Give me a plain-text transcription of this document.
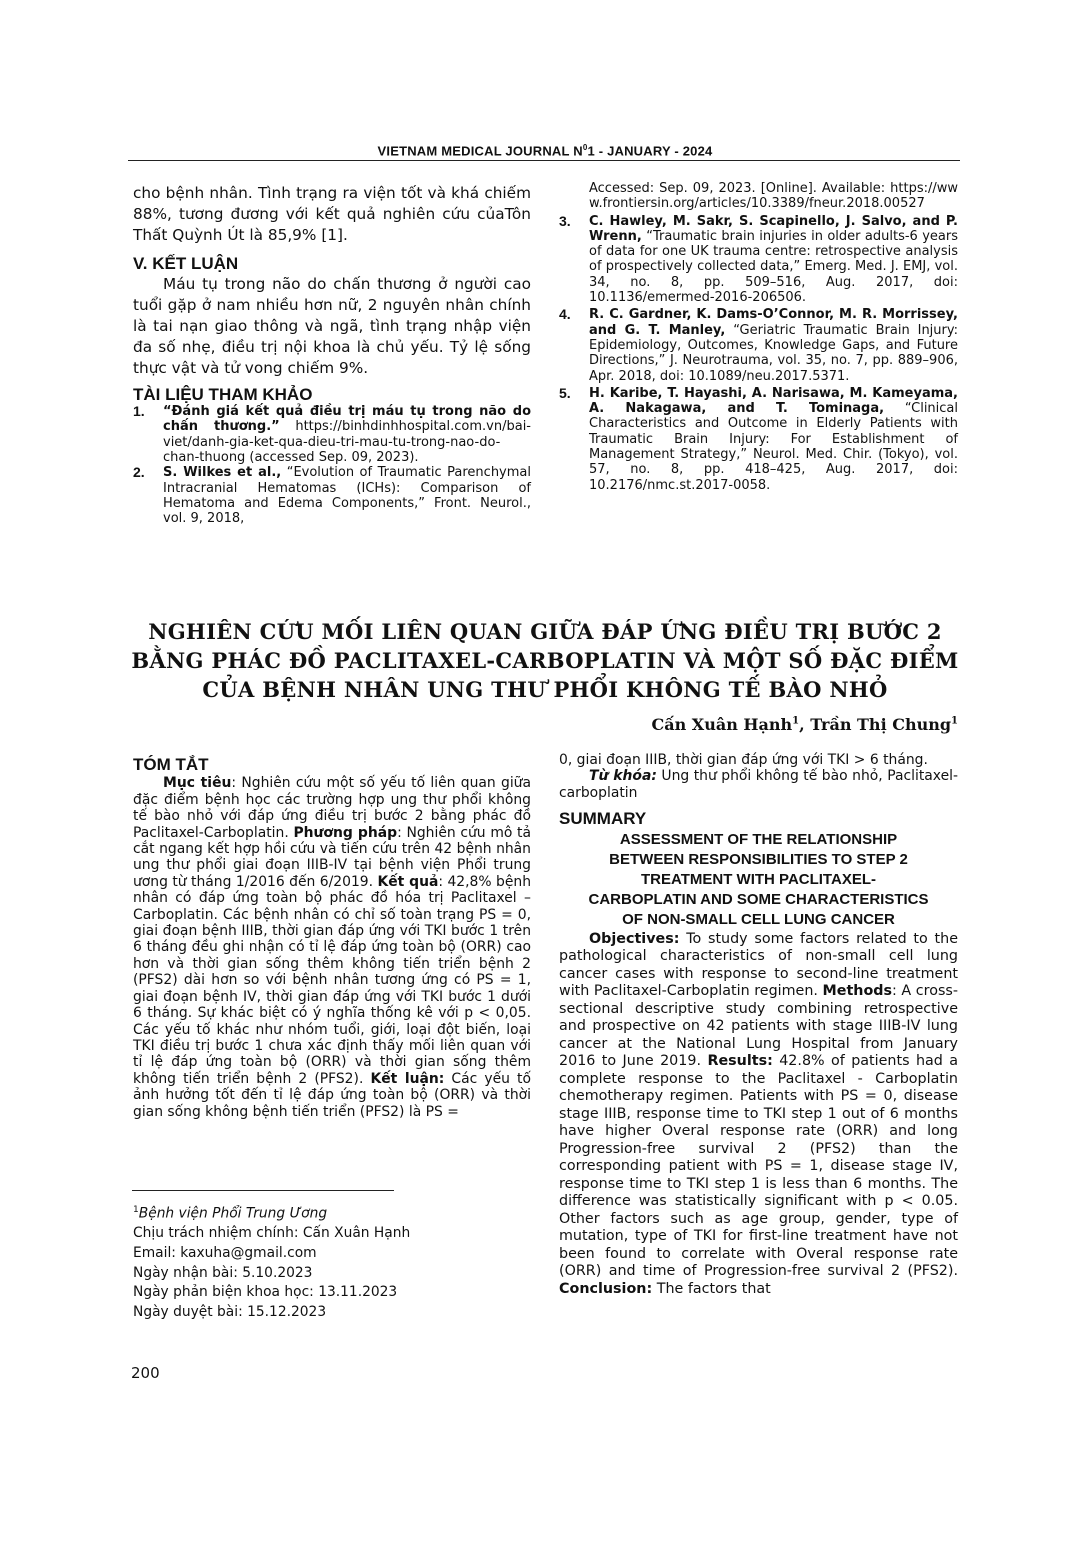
VIETNAM MEDICAL JOURNAL $N^01$ - JANUARY - 2024

cho bệnh nhân. Tình trạng ra viện tốt và khá chiếm 88%, tương đương với kết quả nghiên cứu củaTôn Thất Quỳnh Út là 85,9% [1].

V. KẾT LUẬN

Máu tụ trong não do chấn thương ở người cao tuổi gặp ở nam nhiều hơn nữ, 2 nguyên nhân chính là tai nạn giao thông và ngã, tình trạng nhập viện đa số nhẹ, điều trị nội khoa là chủ yếu. Tỷ lệ sống thực vật và tử vong chiếm 9%.

TÀI LIỆU THAM KHẢO
1.	“Đánh giá kết quả điều trị máu tụ trong não do chấn thương.” https://binhdinhhospital.com.vn/bai-viet/danh-gia-ket-qua-dieu-tri-mau-tu-trong-nao-do-chan-thuong (accessed Sep. 09, 2023).
2.	S. Wilkes et al., “Evolution of Traumatic Parenchymal Intracranial Hematomas (ICHs): Comparison of Hematoma and Edema Components,” Front. Neurol., vol. 9, 2018,
Accessed: Sep. 09, 2023. [Online]. Available: https://www.frontiersin.org/articles/10.3389/fneur.2018.00527
3.	C. Hawley, M. Sakr, S. Scapinello, J. Salvo, and P. Wrenn, “Traumatic brain injuries in older adults-6 years of data for one UK trauma centre: retrospective analysis of prospectively collected data,” Emerg. Med. J. EMJ, vol. 34, no. 8, pp. 509–516, Aug. 2017, doi: 10.1136/emermed-2016-206506.
4.	R. C. Gardner, K. Dams-O’Connor, M. R. Morrissey, and G. T. Manley, “Geriatric Traumatic Brain Injury: Epidemiology, Outcomes, Knowledge Gaps, and Future Directions,” J. Neurotrauma, vol. 35, no. 7, pp. 889–906, Apr. 2018, doi: 10.1089/neu.2017.5371.
5.	H. Karibe, T. Hayashi, A. Narisawa, M. Kameyama, A. Nakagawa, and T. Tominaga, “Clinical Characteristics and Outcome in Elderly Patients with Traumatic Brain Injury: For Establishment of Management Strategy,” Neurol. Med. Chir. (Tokyo), vol. 57, no. 8, pp. 418–425, Aug. 2017, doi: 10.2176/nmc.st.2017-0058.
NGHIÊN CỨU MỐI LIÊN QUAN GIỮA ĐÁP ỨNG ĐIỀU TRỊ BƯỚC 2
BẰNG PHÁC ĐỒ PACLITAXEL-CARBOPLATIN VÀ MỘT SỐ ĐẶC ĐIỂM
CỦA BỆNH NHÂN UNG THƯ PHỔI KHÔNG TẾ BÀO NHỎ
Cấn Xuân Hạnh$^1$, Trần Thị Chung$^1$
TÓM TẮT

Mục tiêu: Nghiên cứu một số yếu tố liên quan giữa đặc điểm bệnh học các trường hợp ung thư phổi không tế bào nhỏ với đáp ứng điều trị bước 2 bằng phác đồ Paclitaxel-Carboplatin. Phương pháp: Nghiên cứu mô tả cắt ngang kết hợp hồi cứu và tiến cứu trên 42 bệnh nhân ung thư phổi giai đoạn IIIB-IV tại bệnh viện Phổi trung ương từ tháng 1/2016 đến 6/2019. Kết quả: 42,8% bệnh nhân có đáp ứng toàn bộ phác đồ hóa trị Paclitaxel – Carboplatin. Các bệnh nhân có chỉ số toàn trạng PS = 0, giai đoạn bệnh IIIB, thời gian đáp ứng với TKI bước 1 trên 6 tháng đều ghi nhận có tỉ lệ đáp ứng toàn bộ (ORR) cao hơn và thời gian sống thêm không tiến triển bệnh 2 (PFS2) dài hơn so với bệnh nhân tương ứng có PS = 1, giai đoạn bệnh IV, thời gian đáp ứng với TKI bước 1 dưới 6 tháng. Sự khác biệt có ý nghĩa thống kê với p < 0,05. Các yếu tố khác như nhóm tuổi, giới, loại đột biến, loại TKI điều trị bước 1 chưa xác định thấy mối liên quan với tỉ lệ đáp ứng toàn bộ (ORR) và thời gian sống thêm không tiến triển bệnh 2 (PFS2). Kết luận: Các yếu tố ảnh hưởng tốt đến tỉ lệ đáp ứng toàn bộ (ORR) và thời gian sống không bệnh tiến triển (PFS2) là PS =

0, giai đoạn IIIB, thời gian đáp ứng với TKI > 6 tháng.

Từ khóa: Ung thư phổi không tế bào nhỏ, Paclitaxel-carboplatin

SUMMARY
ASSESSMENT OF THE RELATIONSHIP
BETWEEN RESPONSIBILITIES TO STEP 2
TREATMENT WITH PACLITAXEL-
CARBOPLATIN AND SOME CHARACTERISTICS
OF NON-SMALL CELL LUNG CANCER

Objectives: To study some factors related to the pathological characteristics of non-small cell lung cancer cases with response to second-line treatment with Paclitaxel-Carboplatin regimen. Methods: A cross-sectional descriptive study combining retrospective and prospective on 42 patients with stage IIIB-IV lung cancer at the National Lung Hospital from January 2016 to June 2019. Results: 42.8% of patients had a complete response to the Paclitaxel - Carboplatin chemotherapy regimen. Patients with PS = 0, disease stage IIIB, response time to TKI step 1 out of 6 months have higher Overal response rate (ORR) and long Progression-free survival 2 (PFS2) than the corresponding patient with PS = 1, disease stage IV, response time to TKI step 1 is less than 6 months. The difference was statistically significant with p < 0.05. Other factors such as age group, gender, type of mutation, type of TKI for first-line treatment have not been found to correlate with Overal response rate (ORR) and time of Progression-free survival 2 (PFS2). Conclusion: The factors that

$^1$Bệnh viện Phổi Trung Ương
Chịu trách nhiệm chính: Cấn Xuân Hạnh
Email: kaxuha@gmail.com
Ngày nhận bài: 5.10.2023
Ngày phản biện khoa học: 13.11.2023
Ngày duyệt bài: 15.12.2023
200
